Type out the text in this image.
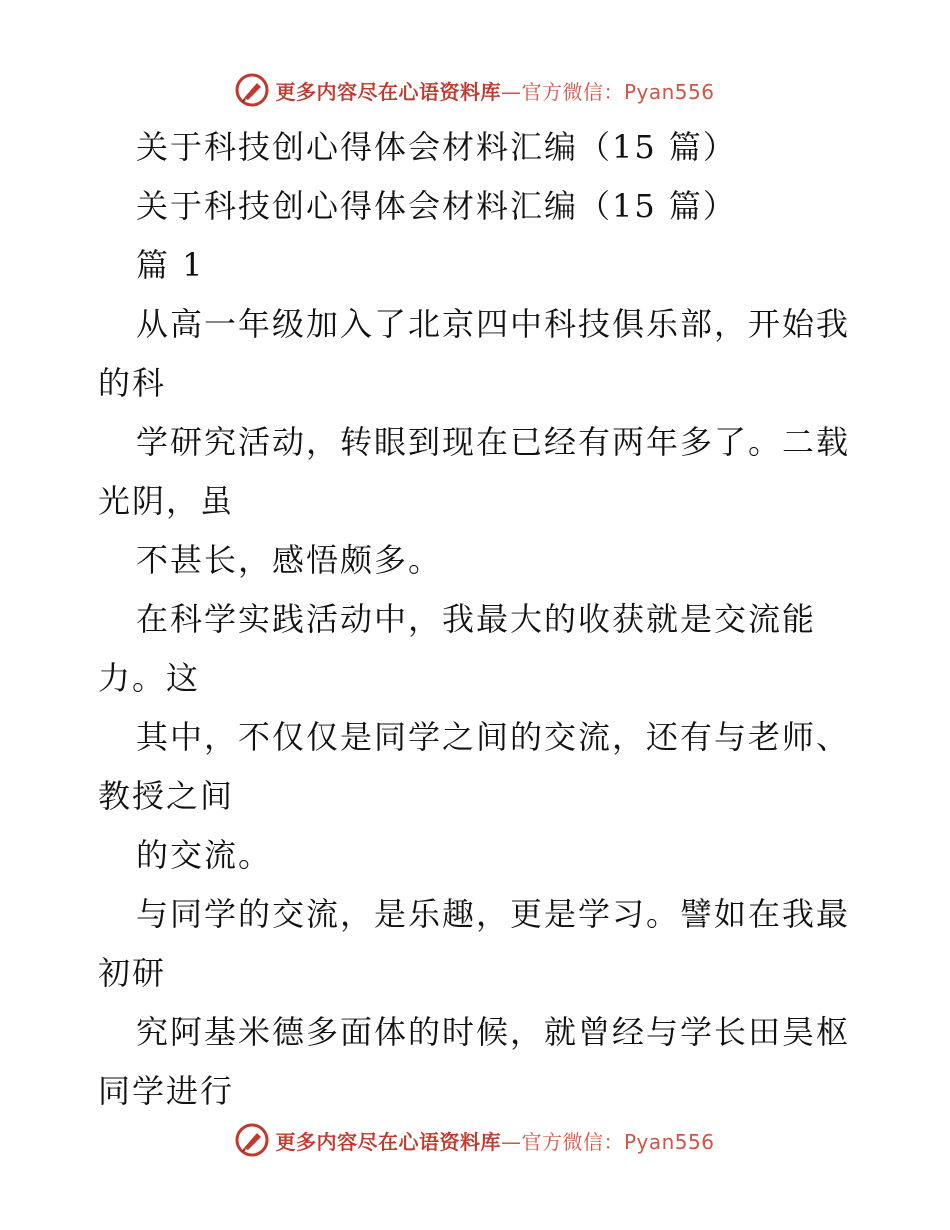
更多内容尽在心语资料库—官方微信：Pyan556
关于科技创心得体会材料汇编（15 篇）
关于科技创心得体会材料汇编（15 篇）
篇 1
从高一年级加入了北京四中科技俱乐部，开始我
的科
学研究活动，转眼到现在已经有两年多了。二载
光阴，虽
不甚长，感悟颇多。
在科学实践活动中，我最大的收获就是交流能
力。这
其中，不仅仅是同学之间的交流，还有与老师、
教授之间
的交流。
与同学的交流，是乐趣，更是学习。譬如在我最
初研
究阿基米德多面体的时候，就曾经与学长田昊枢
同学进行
更多内容尽在心语资料库—官方微信：Pyan556
